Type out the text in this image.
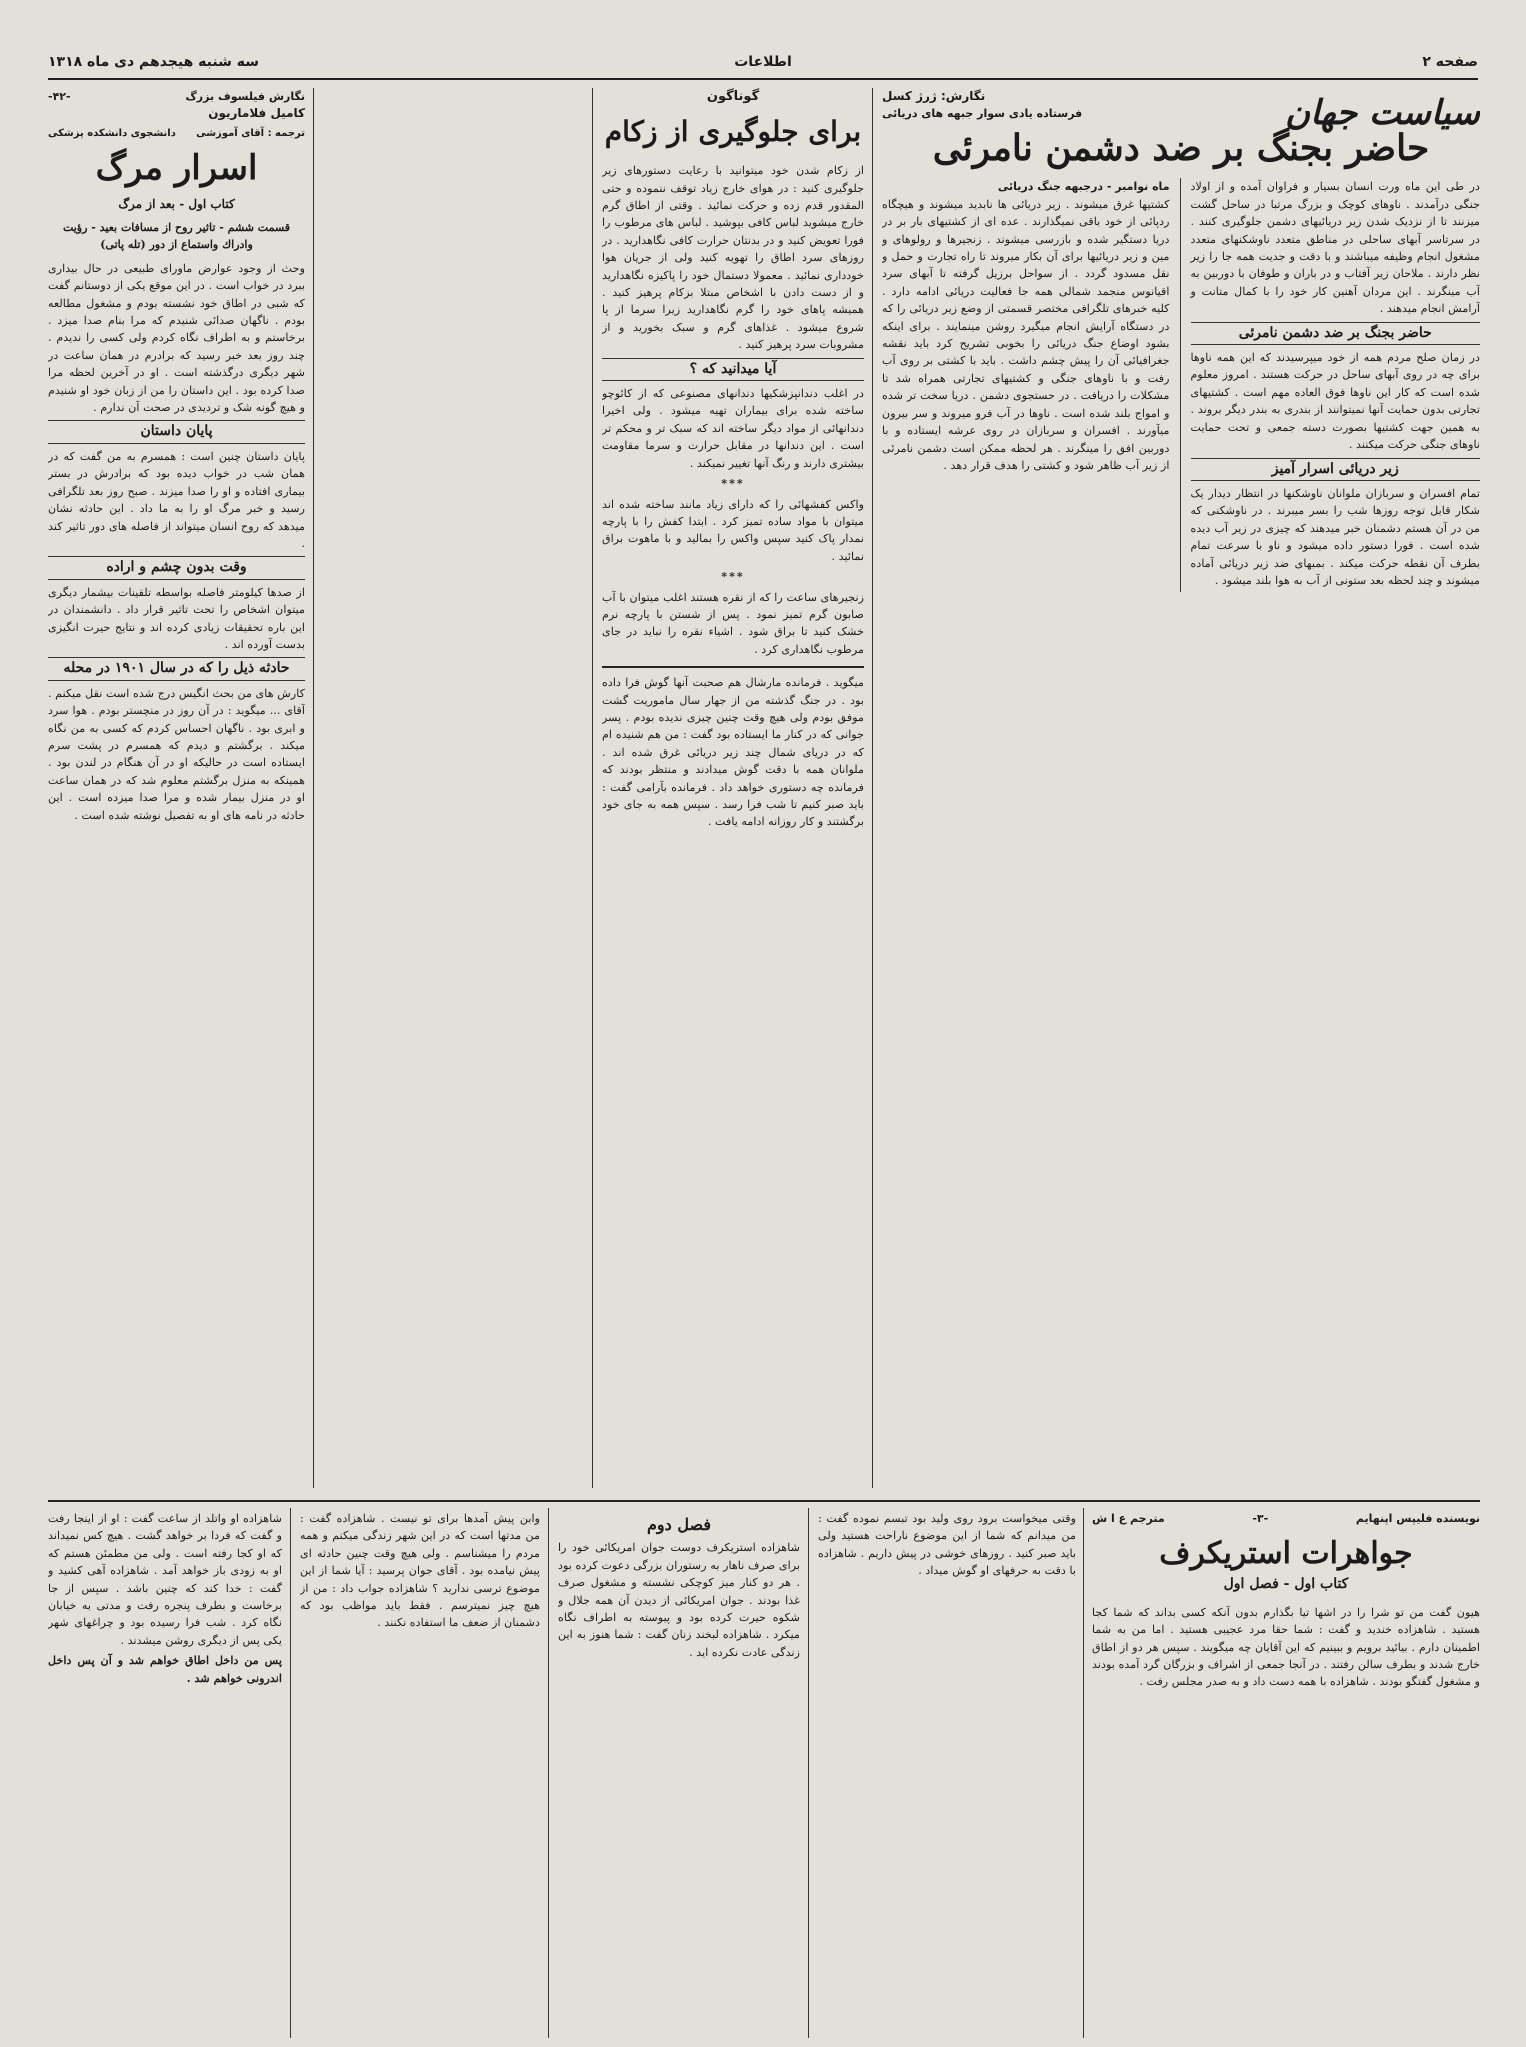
صفحه ۲
اطلاعات
سه شنبه هیجدهم دی ماه ۱۳۱۸
سیاست جهان
نگارش: ژرژ کسل
فرستاده یادی سوار جبهه های دریائی
حاضر بجنگ بر ضد دشمن نامرئی

در طی این ماه ورت انسان بسیار و فراوان آمده و از اولاد جنگی درآمدند . ناوهای کوچک و بزرگ مرتبا در ساحل گشت میزنند تا از نزدیک شدن زیر دریائیهای دشمن جلوگیری کنند . در سرتاسر آبهای ساحلی در مناطق متعدد ناوشکنهای متعدد مشغول انجام وظیفه میباشند و با دقت و جدیت همه جا را زیر نظر دارند . ملاحان زیر آفتاب و در باران و طوفان با دوربین به آب مینگرند . این مردان آهنین کار خود را با کمال متانت و آرامش انجام میدهند .

حاضر بجنگ بر ضد دشمن نامرئی

در زمان صلح مردم همه از خود میپرسیدند که این همه ناوها برای چه در روی آبهای ساحل در حرکت هستند . امروز معلوم شده است که کار این ناوها فوق العاده مهم است . کشتیهای تجارتی بدون حمایت آنها نمیتوانند از بندری به بندر دیگر بروند . به همین جهت کشتیها بصورت دسته جمعی و تحت حمایت ناوهای جنگی حرکت میکنند .

زیر دریائی اسرار آمیز

تمام افسران و سربازان ملوانان ناوشکنها در انتظار دیدار یک شکار قابل توجه روزها شب را بسر میبرند . در ناوشکنی که من در آن هستم دشمنان خبر میدهند که چیزی در زیر آب دیده شده است . فورا دستور داده میشود و ناو با سرعت تمام بطرف آن نقطه حرکت میکند . بمبهای ضد زیر دریائی آماده میشوند و چند لحظه بعد ستونی از آب به هوا بلند میشود .

ماه نوامبر - درجبهه جنگ دریائی

کشتیها غرق میشوند . زیر دریائی ها نابدید میشوند و هیچگاه ردپائی از خود باقی نمیگذارند . عده ای از کشتیهای بار بر در دریا دستگیر شده و بازرسی میشوند . زنجیرها و رولوهای و مین و زیر دریائیها برای آن بکار میروند تا راه تجارت و حمل و نقل مسدود گردد . از سواحل برزیل گرفته تا آبهای سرد اقیانوس منجمد شمالی همه جا فعالیت دریائی ادامه دارد . کلیه خبرهای تلگرافی مختصر قسمتی از وضع زیر دریائی را که در دستگاه آرایش انجام میگیرد روشن مینمایند . برای اینکه بشود اوضاع جنگ دریائی را بخوبی تشریح کرد باید نقشه جغرافیائی آن را پیش چشم داشت . باید با کشتی بر روی آب رفت و با ناوهای جنگی و کشتیهای تجارتی همراه شد تا مشکلات را دریافت . در حستجوی دشمن . دریا سخت تر شده و امواج بلند شده است . ناوها در آب فرو میروند و سر بیرون میآورند . افسران و سربازان در روی عرشه ایستاده و با دوربین افق را مینگرند . هر لحظه ممکن است دشمن نامرئی از زیر آب ظاهر شود و کشتی را هدف قرار دهد .

گوناگون
برای جلوگیری از زکام

از زکام شدن خود میتوانید با رعایت دستورهای زیر جلوگیری کنید : در هوای خارج زیاد توقف ننموده و حتی المقدور قدم زده و حرکت نمائید . وقتی از اطاق گرم خارج میشوید لباس کافی بپوشید . لباس های مرطوب را فورا تعویض کنید و در بدنتان حرارت کافی نگاهدارید . در روزهای سرد اطاق را تهویه کنید ولی از جریان هوا خودداری نمائید . معمولا دستمال خود را پاکیزه نگاهدارید و از دست دادن با اشخاص مبتلا بزکام پرهیز کنید . همیشه پاهای خود را گرم نگاهدارید زیرا سرما از پا شروع میشود . غذاهای گرم و سبک بخورید و از مشروبات سرد پرهیز کنید .

آیا میدانید که ؟

در اغلب دندانپزشکیها دندانهای مصنوعی که از کائوچو ساخته شده برای بیماران تهیه میشود . ولی اخیرا دندانهائی از مواد دیگر ساخته اند که سبک تر و محکم تر است . این دندانها در مقابل حرارت و سرما مقاومت بیشتری دارند و رنگ آنها تغییر نمیکند .

***

واکس کفشهائی را که دارای زیاد مانند ساخته شده اند میتوان با مواد ساده تمیز کرد . ابتدا کفش را با پارچه نمدار پاک کنید سپس واکس را بمالید و با ماهوت براق نمائید .

***

زنجیرهای ساعت را که از نقره هستند اغلب میتوان با آب صابون گرم تمیز نمود . پس از شستن با پارچه نرم خشک کنید تا براق شود . اشیاء نقره را نباید در جای مرطوب نگاهداری کرد .

میگوید . فرمانده مارشال هم صحبت آنها گوش فرا داده بود . در جنگ گذشته من از جهار سال ماموریت گشت موفق بودم ولی هیچ وقت چنین چیزی ندیده بودم . پسر جوانی که در کنار ما ایستاده بود گفت : من هم شنیده ام که در دریای شمال چند زیر دریائی غرق شده اند . ملوانان همه با دقت گوش میدادند و منتظر بودند که فرمانده چه دستوری خواهد داد . فرمانده بآرامی گفت : باید صبر کنیم تا شب فرا رسد . سپس همه به جای خود برگشتند و کار روزانه ادامه یافت .

نگارش فیلسوف بزرگ
-۴۲-
کامیل فلاماریون
ترجمه : آقای آموزشی
دانشجوی دانشکده پزشکی
اسرار مرگ
کتاب اول - بعد از مرگ
قسمت ششم - تاثیر روح از مسافات بعید - رؤیت وادراك واستماع از دور (تله پاتی)

وحث از وجود عوارض ماورای طبیعی در حال بیداری ببرد در خواب است . در این موقع یکی از دوستانم گفت که شبی در اطاق خود نشسته بودم و مشغول مطالعه بودم . ناگهان صدائی شنیدم که مرا بنام صدا میزد . برخاستم و به اطراف نگاه کردم ولی کسی را ندیدم . چند روز بعد خبر رسید که برادرم در همان ساعت در شهر دیگری درگذشته است . او در آخرین لحظه مرا صدا کرده بود . این داستان را من از زبان خود او شنیدم و هیچ گونه شک و تردیدی در صحت آن ندارم .

پایان داستان

پایان داستان چنین است : همسرم به من گفت که در همان شب در خواب دیده بود که برادرش در بستر بیماری افتاده و او را صدا میزند . صبح روز بعد تلگرافی رسید و خبر مرگ او را به ما داد . این حادثه نشان میدهد که روح انسان میتواند از فاصله های دور تاثیر کند .

وقت بدون چشم و اراده

از صدها کیلومتر فاصله بواسطه تلقینات بیشمار دیگری میتوان اشخاص را تحت تاثیر قرار داد . دانشمندان در این باره تحقیقات زیادی کرده اند و نتایج حیرت انگیزی بدست آورده اند .

حادثه ذیل را که در سال ۱۹۰۱ در محله

کارش های من بحث انگیس درج شده است نقل میکنم . آقای ... میگوید : در آن روز در منچستر بودم . هوا سرد و ابری بود . ناگهان احساس کردم که کسی به من نگاه میکند . برگشتم و دیدم که همسرم در پشت سرم ایستاده است در حالیکه او در آن هنگام در لندن بود . همینکه به منزل برگشتم معلوم شد که در همان ساعت او در منزل بیمار شده و مرا صدا میزده است . این حادثه در نامه های او به تفصیل نوشته شده است .

نویسنده فلیپس اپنهایم
-۳-
مترجم ع ا ش
جواهرات استریکرف
کتاب اول - فصل اول

هیون گفت من تو شرا را در اشها تیا بگذارم بدون آنکه کسی بداند که شما کجا هستید . شاهزاده خندید و گفت : شما حقا مرد عجیبی هستید . اما من به شما اطمینان دارم . بیائید برویم و ببینیم که این آقایان چه میگویند . سپس هر دو از اطاق خارج شدند و بطرف سالن رفتند . در آنجا جمعی از اشراف و بزرگان گرد آمده بودند و مشغول گفتگو بودند . شاهزاده با همه دست داد و به صدر مجلس رفت .

وقتی میخواست برود روی ولید بود تبسم نموده گفت : من میدانم که شما از این موضوع ناراحت هستید ولی باید صبر کنید . روزهای خوشی در پیش داریم . شاهزاده با دقت به حرفهای او گوش میداد .

فصل دوم

شاهزاده استریکرف دوست جوان امریکائی خود را برای صرف ناهار به رستوران بزرگی دعوت کرده بود . هر دو کنار میز کوچکی نشسته و مشغول صرف غذا بودند . جوان امریکائی از دیدن آن همه جلال و شکوه حیرت کرده بود و پیوسته به اطراف نگاه میکرد . شاهزاده لبخند زنان گفت : شما هنوز به این زندگی عادت نکرده اید .

وابن پیش آمدها برای تو نیست . شاهزاده گفت : من مدتها است که در این شهر زندگی میکنم و همه مردم را میشناسم . ولی هیچ وقت چنین حادثه ای پیش نیامده بود . آقای جوان پرسید : آیا شما از این موضوع ترسی ندارید ؟ شاهزاده جواب داد : من از هیچ چیز نمیترسم . فقط باید مواظب بود که دشمنان از ضعف ما استفاده نکنند .

شاهزاده او واتلد از ساعت گفت : او از اینجا رفت و گفت که فردا بر خواهد گشت . هیچ کس نمیداند که او کجا رفته است . ولی من مطمئن هستم که او به زودی باز خواهد آمد . شاهزاده آهی کشید و گفت : خدا کند که چنین باشد . سپس از جا برخاست و بطرف پنجره رفت و مدتی به خیابان نگاه کرد . شب فرا رسیده بود و چراغهای شهر یکی پس از دیگری روشن میشدند .

پس من داخل اطاق خواهم شد و آن پس داخل اندرونی خواهم شد .
